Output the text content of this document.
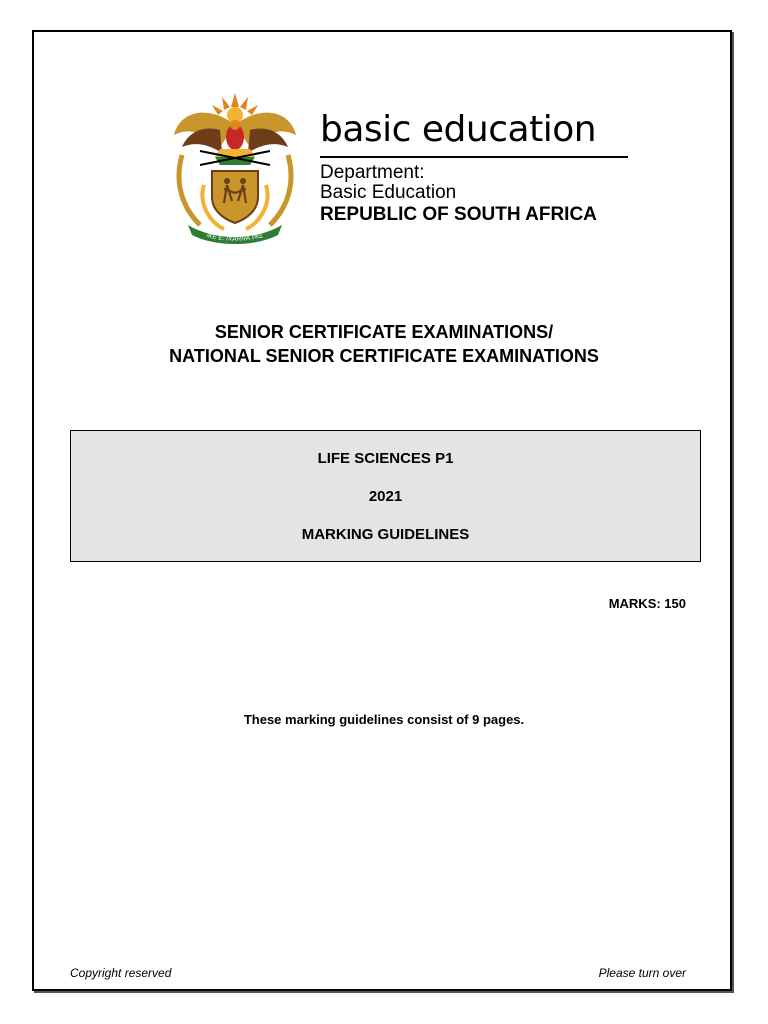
!KE E: /XARRA //KE
basic education
Department:
Basic Education
REPUBLIC OF SOUTH AFRICA
SENIOR CERTIFICATE EXAMINATIONS/
NATIONAL SENIOR CERTIFICATE EXAMINATIONS
LIFE SCIENCES P1
2021
MARKING GUIDELINES
MARKS: 150
These marking guidelines consist of 9 pages.
Copyright reserved	Please turn over
